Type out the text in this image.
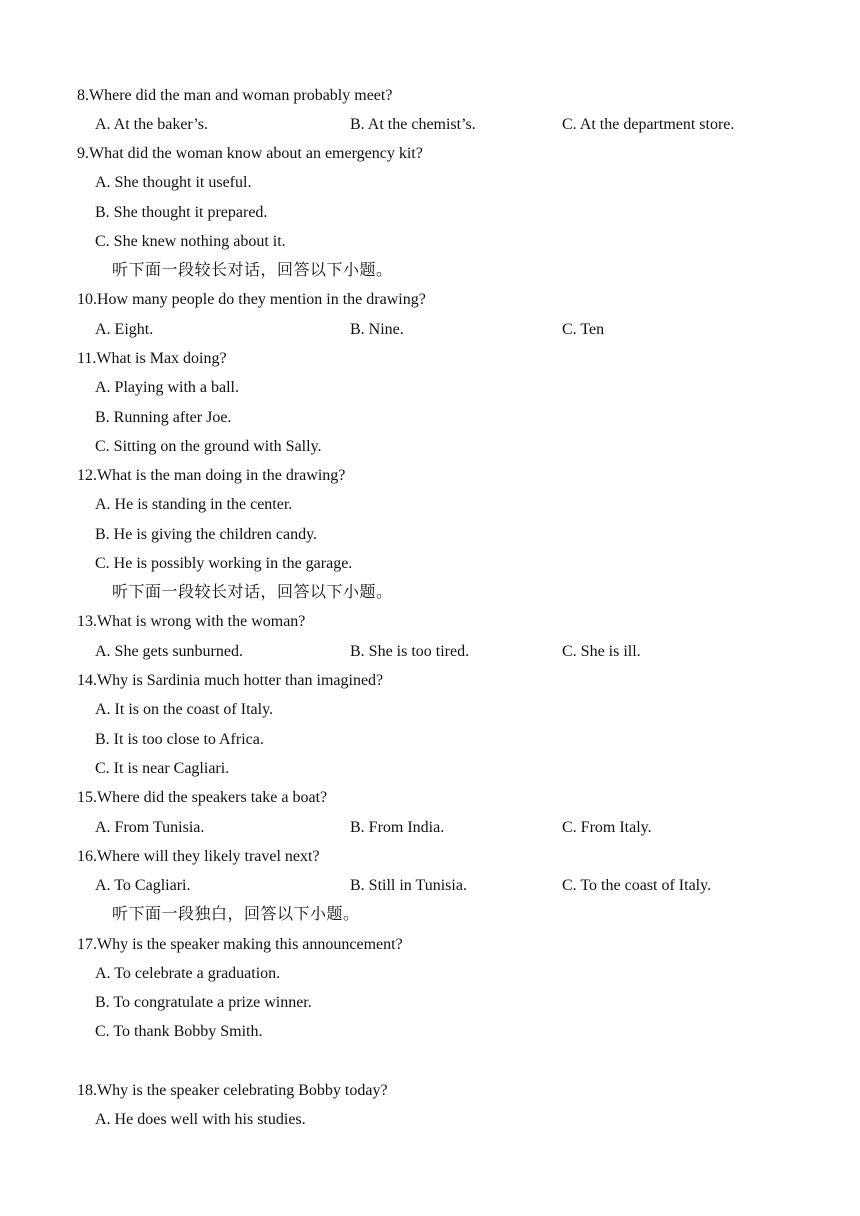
8.Where did the man and woman probably meet?
A. At the baker’s.	B. At the chemist’s.	C. At the department store.
9.What did the woman know about an emergency kit?
A. She thought it useful.
B. She thought it prepared.
C. She knew nothing about it.
听下面一段较长对话，回答以下小题。
10.How many people do they mention in the drawing?
A. Eight.	B. Nine.	C. Ten
11.What is Max doing?
A. Playing with a ball.
B. Running after Joe.
C. Sitting on the ground with Sally.
12.What is the man doing in the drawing?
A. He is standing in the center.
B. He is giving the children candy.
C. He is possibly working in the garage.
听下面一段较长对话，回答以下小题。
13.What is wrong with the woman?
A. She gets sunburned.	B. She is too tired.	C. She is ill.
14.Why is Sardinia much hotter than imagined?
A. It is on the coast of Italy.
B. It is too close to Africa.
C. It is near Cagliari.
15.Where did the speakers take a boat?
A. From Tunisia.	B. From India.	C. From Italy.
16.Where will they likely travel next?
A. To Cagliari.	B. Still in Tunisia.	C. To the coast of Italy.
听下面一段独白，回答以下小题。
17.Why is the speaker making this announcement?
A. To celebrate a graduation.
B. To congratulate a prize winner.
C. To thank Bobby Smith.
18.Why is the speaker celebrating Bobby today?
A. He does well with his studies.
